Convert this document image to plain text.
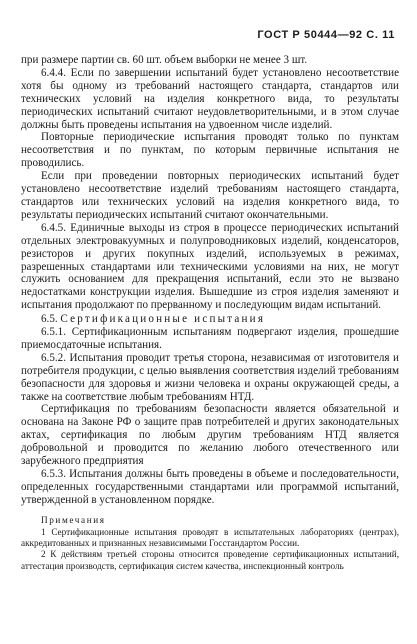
ГОСТ Р 50444—92 С. 11

при размере партии св. 60 шт. объем выборки не менее 3 шт.

6.4.4. Если по завершении испытаний будет установлено несоответствие хотя бы одному из требований настоящего стандарта, стандартов или технических условий на изделия конкретного вида, то результаты периодических испытаний считают неудовлетворительными, и в этом случае должны быть проведены испытания на удвоенном числе изделий.

Повторные периодические испытания проводят только по пунктам несоответствия и по пунктам, по которым первичные испытания не проводились.

Если при проведении повторных периодических испытаний будет установлено несоответствие изделий требованиям настоящего стандарта, стандартов или технических условий на изделия конкретного вида, то результаты периодических испытаний считают окончательными.

6.4.5. Единичные выходы из строя в процессе периодических испытаний отдельных электровакуумных и полупроводниковых изделий, конденсаторов, резисторов и других покупных изделий, используемых в режимах, разрешенных стандартами или техническими условиями на них, не могут служить основанием для прекращения испытаний, если это не вызвано недостатками конструкции изделия. Вышедшие из строя изделия заменяют и испытания продолжают по прерванному и последующим видам испытаний.

6.5. Сертификационные испытания

6.5.1. Сертификационным испытаниям подвергают изделия, прошедшие приемосдаточные испытания.

6.5.2. Испытания проводит третья сторона, независимая от изготовителя и потребителя продукции, с целью выявления соответствия изделий требованиям безопасности для здоровья и жизни человека и охраны окружающей среды, а также на соответствие любым требованиям НТД.

Сертификация по требованиям безопасности является обязательной и основана на Законе РФ о защите прав потребителей и других законодательных актах, сертификация по любым другим требованиям НТД является добровольной и проводится по желанию любого отечественного или зарубежного предприятия

6.5.3. Испытания должны быть проведены в объеме и последовательности, определенных государственными стандартами или программой испытаний, утвержденной в установленном порядке.

Примечания

1 Сертификационные испытания проводят в испытательных лабораториях (центрах), аккредитованных и признанных независимыми Госстандартом России.

2 К действиям третьей стороны относится проведение сертификационных испытаний, аттестация производств, сертификация систем качества, инспекционный контроль
